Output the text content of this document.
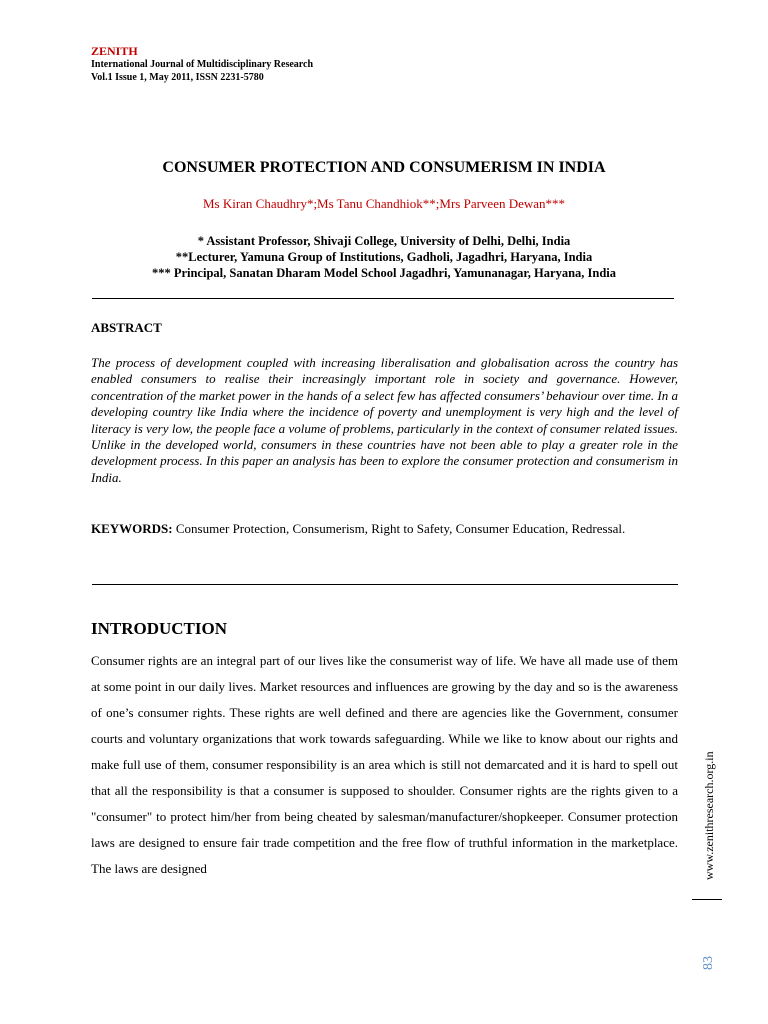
ZENITH
International Journal of Multidisciplinary Research
Vol.1 Issue 1, May 2011, ISSN 2231-5780
CONSUMER PROTECTION AND CONSUMERISM IN INDIA
Ms Kiran Chaudhry*;Ms Tanu Chandhiok**;Mrs Parveen Dewan***
* Assistant Professor, Shivaji College, University of Delhi, Delhi, India
**Lecturer, Yamuna Group of Institutions, Gadholi, Jagadhri, Haryana, India
*** Principal, Sanatan Dharam Model School Jagadhri, Yamunanagar, Haryana, India
ABSTRACT
The process of development coupled with increasing liberalisation and globalisation across the country has enabled consumers to realise their increasingly important role in society and governance. However, concentration of the market power in the hands of a select few has affected consumers’ behaviour over time. In a developing country like India where the incidence of poverty and unemployment is very high and the level of literacy is very low, the people face a volume of problems, particularly in the context of consumer related issues. Unlike in the developed world, consumers in these countries have not been able to play a greater role in the development process. In this paper an analysis has been to explore the consumer protection and consumerism in India.
KEYWORDS: Consumer Protection, Consumerism, Right to Safety, Consumer Education, Redressal.
INTRODUCTION
Consumer rights are an integral part of our lives like the consumerist way of life. We have all made use of them at some point in our daily lives. Market resources and influences are growing by the day and so is the awareness of one’s consumer rights. These rights are well defined and there are agencies like the Government, consumer courts and voluntary organizations that work towards safeguarding. While we like to know about our rights and make full use of them, consumer responsibility is an area which is still not demarcated and it is hard to spell out that all the responsibility is that a consumer is supposed to shoulder. Consumer rights are the rights given to a "consumer" to protect him/her from being cheated by salesman/manufacturer/shopkeeper. Consumer protection laws are designed to ensure fair trade competition and the free flow of truthful information in the marketplace. The laws are designed	www.zenithresearch.org.in
83
